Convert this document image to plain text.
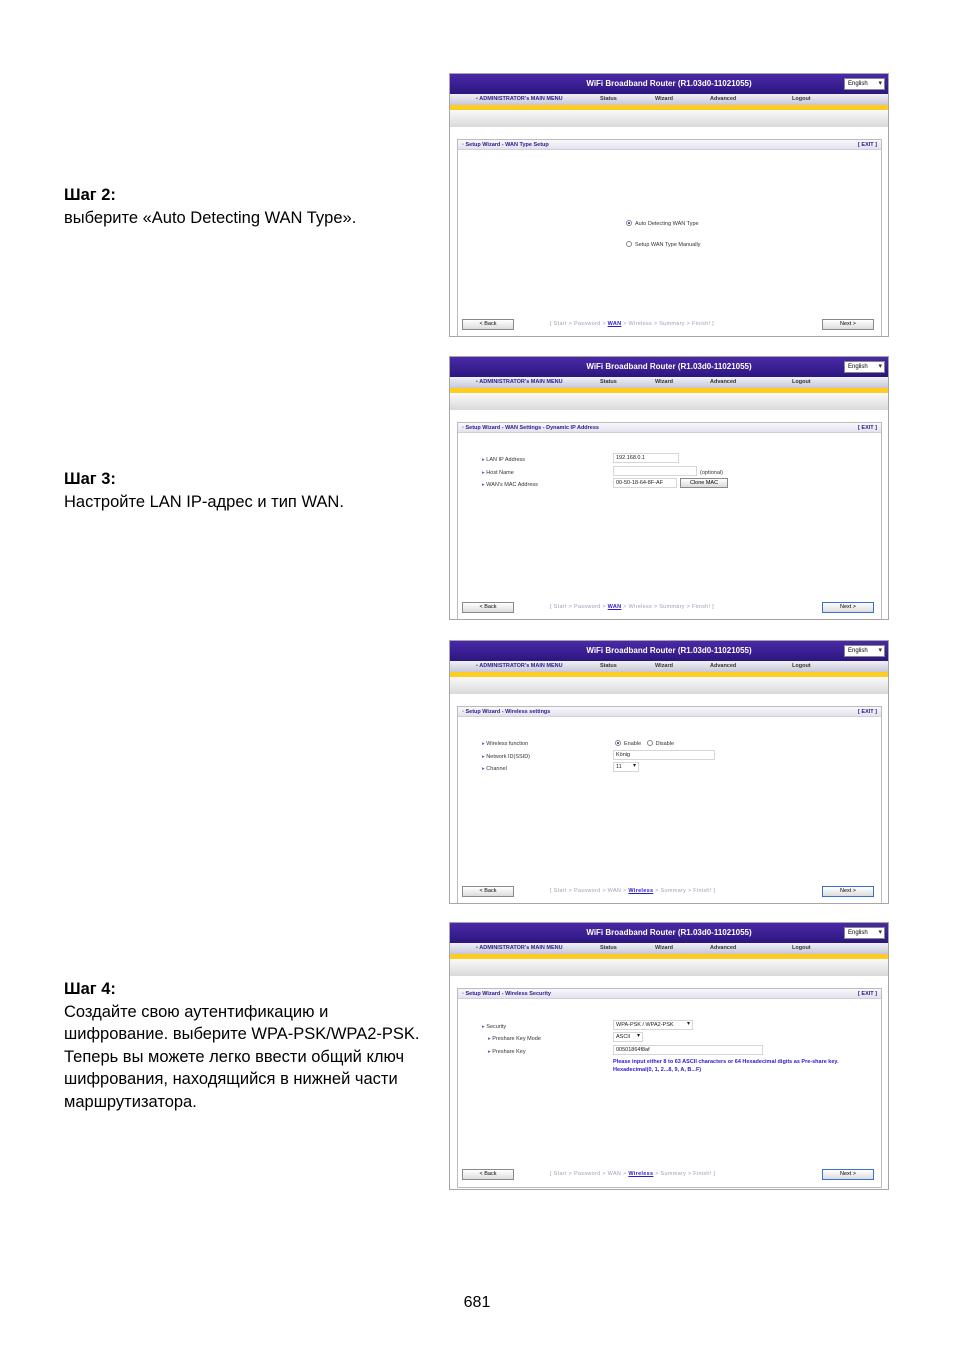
Шаг 2:
выберите «Auto Detecting WAN Type».
Шаг 3:
Настройте LAN IP-адрес и тип WAN.
Шаг 4:
Создайте свою аутентификацию и шифрование. выберите WPA-PSK/WPA2-PSK. Теперь вы можете легко ввести общий ключ шифрования, находящийся в нижней части маршрутизатора.
WiFi Broadband Router (R1.03d0-11021055)	English ▾
▪ ADMINISTRATOR's MAIN MENU	Status	Wizard	Advanced	Logout
▫ Setup Wizard - WAN Type Setup	[ EXIT ]
Auto Detecting WAN Type
Setup WAN Type Manually
< Back	[ Start > Password > WAN > Wireless > Summary > Finish! ]	Next >
WiFi Broadband Router (R1.03d0-11021055)	English ▾
▪ ADMINISTRATOR's MAIN MENU	Status	Wizard	Advanced	Logout
▫ Setup Wizard - WAN Settings - Dynamic IP Address	[ EXIT ]
▸ LAN IP Address	192.168.0.1
▸ Host Name	(optional)
▸ WAN's MAC Address	00-50-18-64-8F-AF	Clone MAC
< Back	[ Start > Password > WAN > Wireless > Summary > Finish! ]	Next >
WiFi Broadband Router (R1.03d0-11021055)	English ▾
▪ ADMINISTRATOR's MAIN MENU	Status	Wizard	Advanced	Logout
▫ Setup Wizard - Wireless settings	[ EXIT ]
▸ Wireless function	Enable	Disable
▸ Network ID(SSID)	König
▸ Channel	11 ▾
< Back	[ Start > Password > WAN > Wireless > Summary > Finish! ]	Next >
WiFi Broadband Router (R1.03d0-11021055)	English ▾
▪ ADMINISTRATOR's MAIN MENU	Status	Wizard	Advanced	Logout
▫ Setup Wizard - Wireless Security	[ EXIT ]
▸ Security	WPA-PSK / WPA2-PSK ▾
▸ Preshare Key Mode	ASCII ▾
▸ Preshare Key	00501864f8af
Please input either 8 to 63 ASCII characters or 64 Hexadecimal digits as Pre-share key. Hexadecimal(0, 1, 2...8, 9, A, B...F)
< Back	[ Start > Password > WAN > Wireless > Summary > Finish! ]	Next >
681
